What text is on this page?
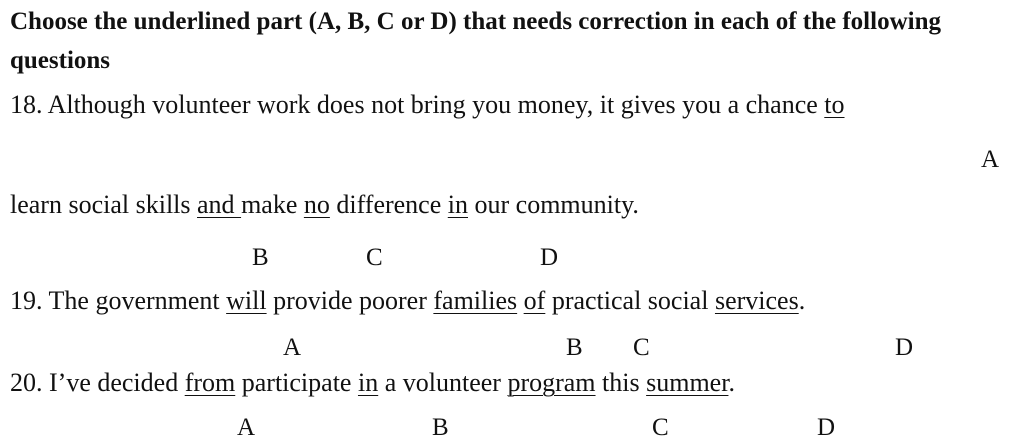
Choose the underlined part (A, B, C or D) that needs correction in each of the following questions
18. Although volunteer work does not bring you money, it gives you a chance to
A
learn social skills and make no difference in our community.
B	C	D
19. The government will provide poorer families of practical social services.
A	B C	D
20. I’ve decided from participate in a volunteer program this summer.
A	B	C	D
